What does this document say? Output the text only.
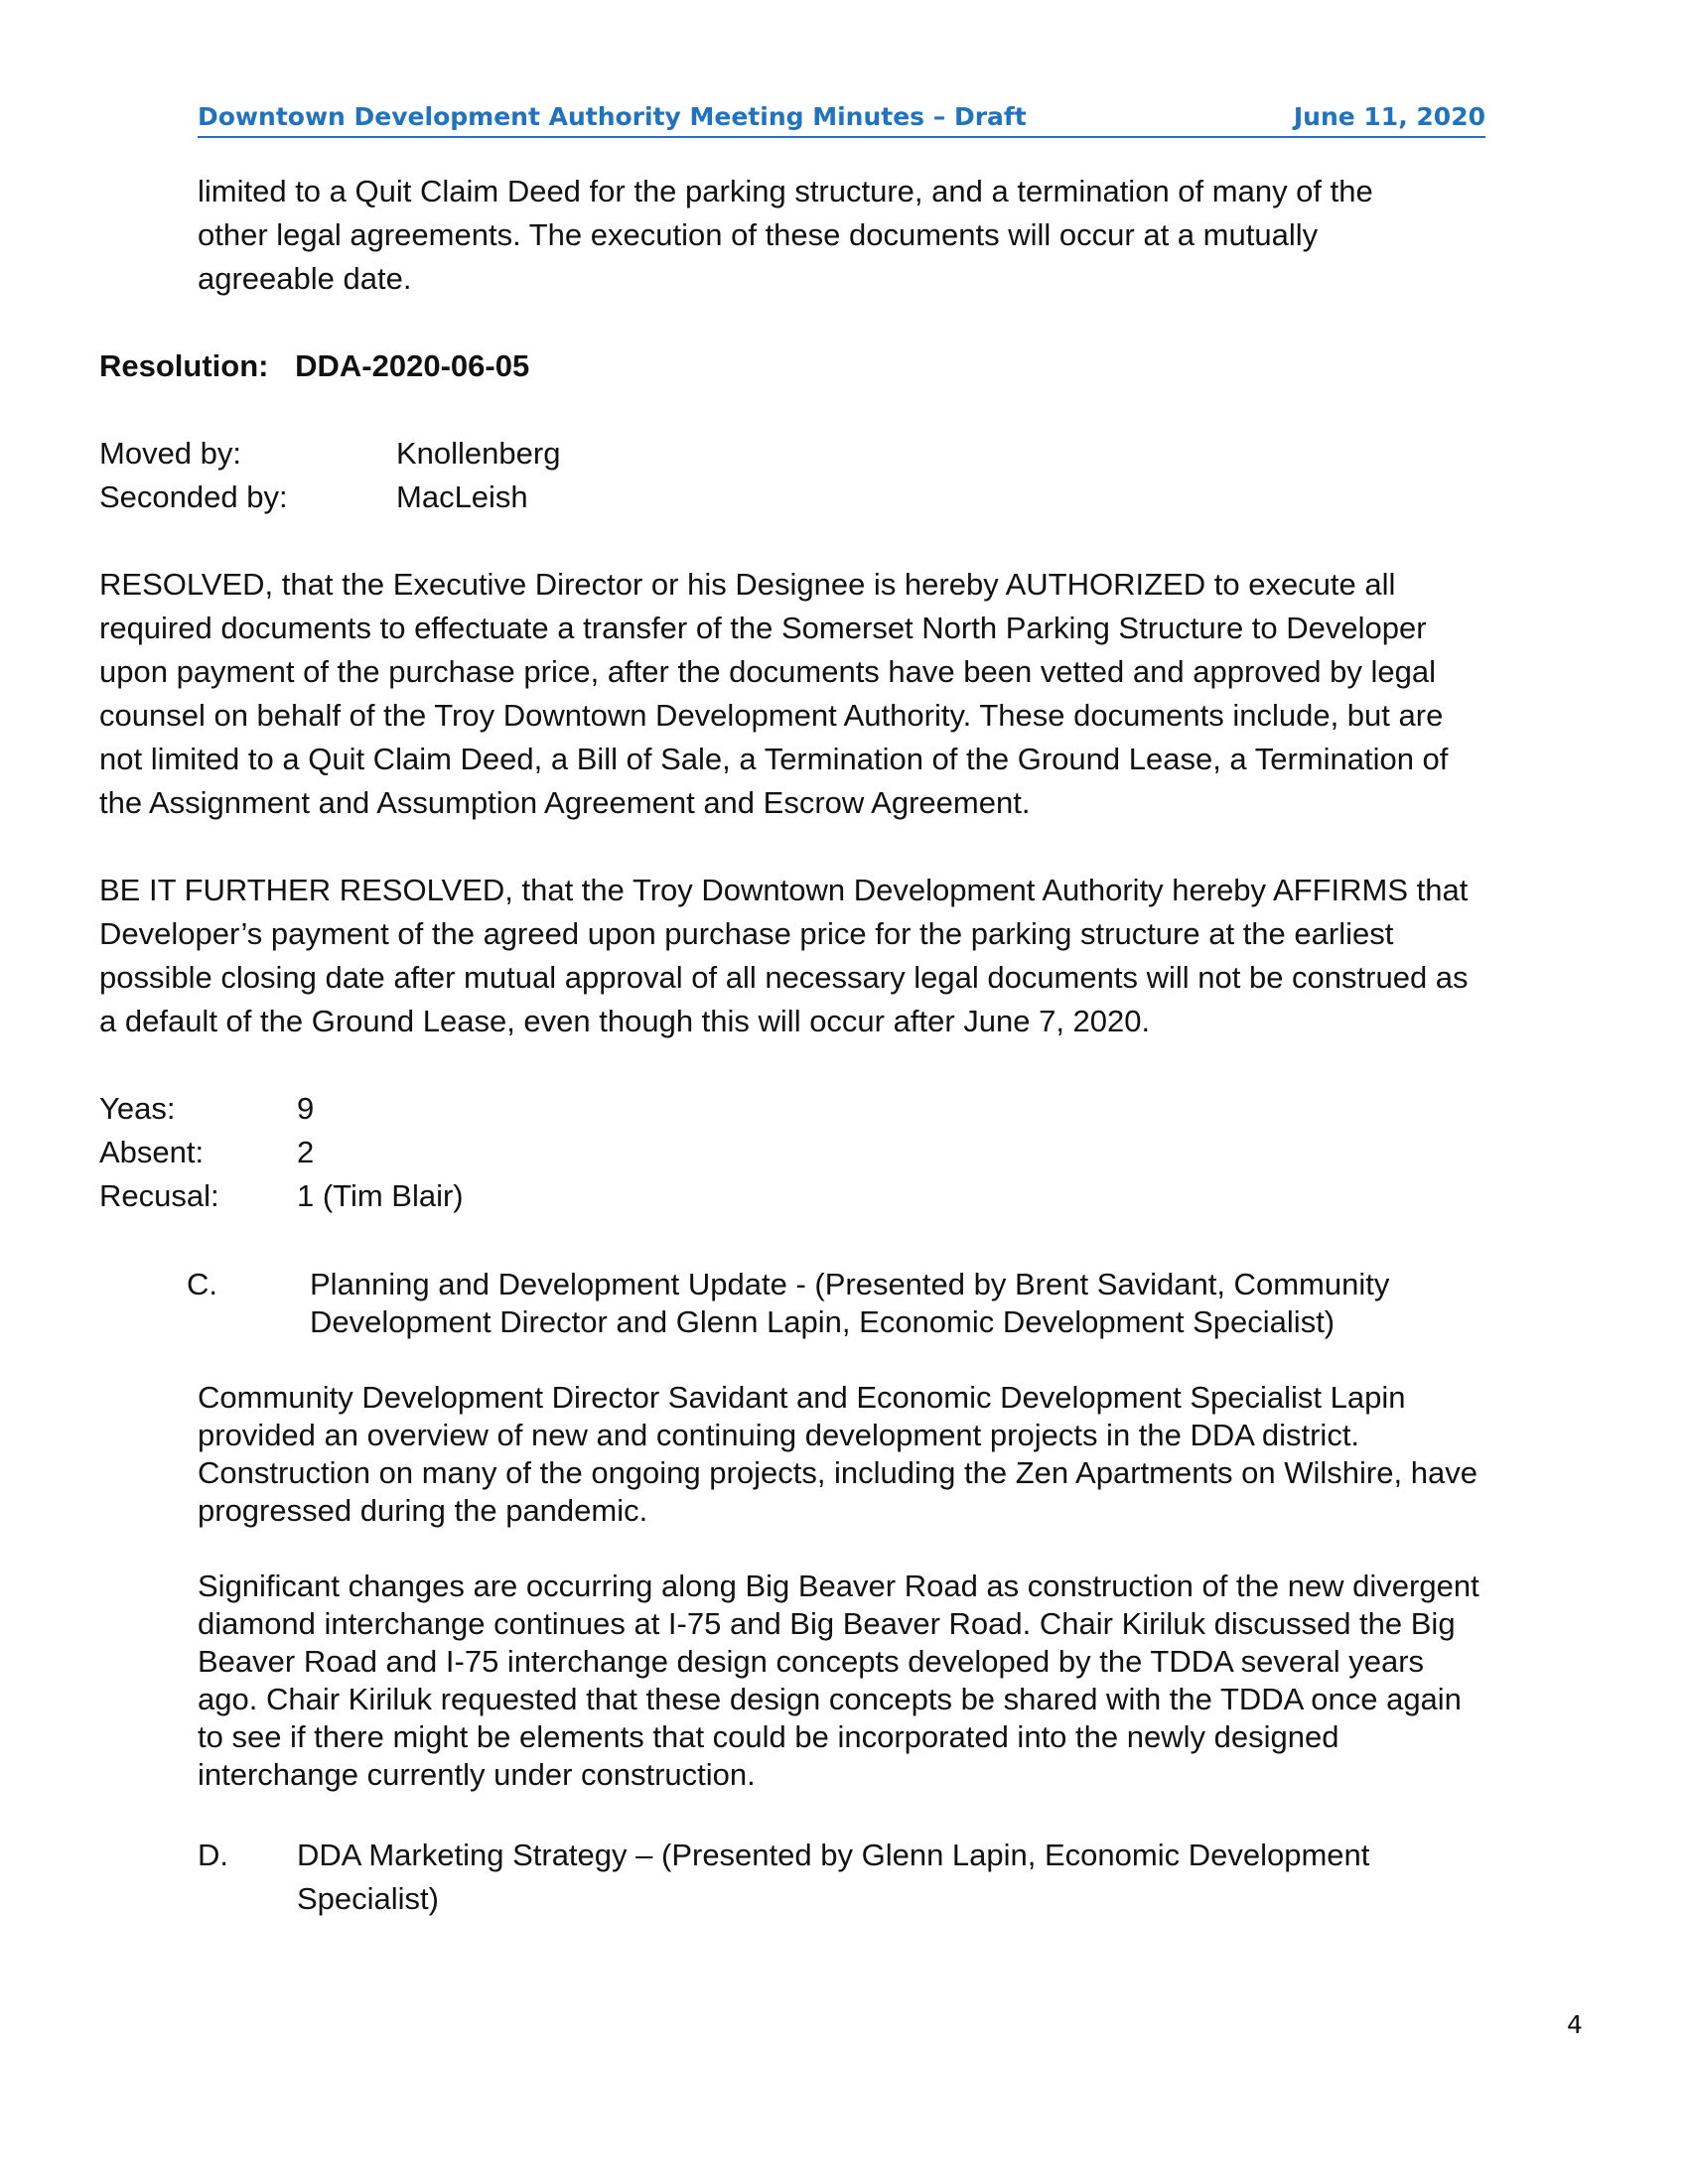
Downtown Development Authority Meeting Minutes – Draft	June 11, 2020
limited to a Quit Claim Deed for the parking structure, and a termination of many of the
other legal agreements. The execution of these documents will occur at a mutually
agreeable date.
Resolution: DDA-2020-06-05
Moved by:	Knollenberg
Seconded by:	MacLeish
RESOLVED, that the Executive Director or his Designee is hereby AUTHORIZED to execute all
required documents to effectuate a transfer of the Somerset North Parking Structure to Developer
upon payment of the purchase price, after the documents have been vetted and approved by legal
counsel on behalf of the Troy Downtown Development Authority. These documents include, but are
not limited to a Quit Claim Deed, a Bill of Sale, a Termination of the Ground Lease, a Termination of
the Assignment and Assumption Agreement and Escrow Agreement.
BE IT FURTHER RESOLVED, that the Troy Downtown Development Authority hereby AFFIRMS that
Developer’s payment of the agreed upon purchase price for the parking structure at the earliest
possible closing date after mutual approval of all necessary legal documents will not be construed as
a default of the Ground Lease, even though this will occur after June 7, 2020.
Yeas:	9
Absent:	2
Recusal:	1 (Tim Blair)
C.	Planning and Development Update - (Presented by Brent Savidant, Community
Development Director and Glenn Lapin, Economic Development Specialist)
Community Development Director Savidant and Economic Development Specialist Lapin
provided an overview of new and continuing development projects in the DDA district.
Construction on many of the ongoing projects, including the Zen Apartments on Wilshire, have
progressed during the pandemic.
Significant changes are occurring along Big Beaver Road as construction of the new divergent
diamond interchange continues at I-75 and Big Beaver Road. Chair Kiriluk discussed the Big
Beaver Road and I-75 interchange design concepts developed by the TDDA several years
ago. Chair Kiriluk requested that these design concepts be shared with the TDDA once again
to see if there might be elements that could be incorporated into the newly designed
interchange currently under construction.
D. DDA Marketing Strategy – (Presented by Glenn Lapin, Economic Development
Specialist)
4
